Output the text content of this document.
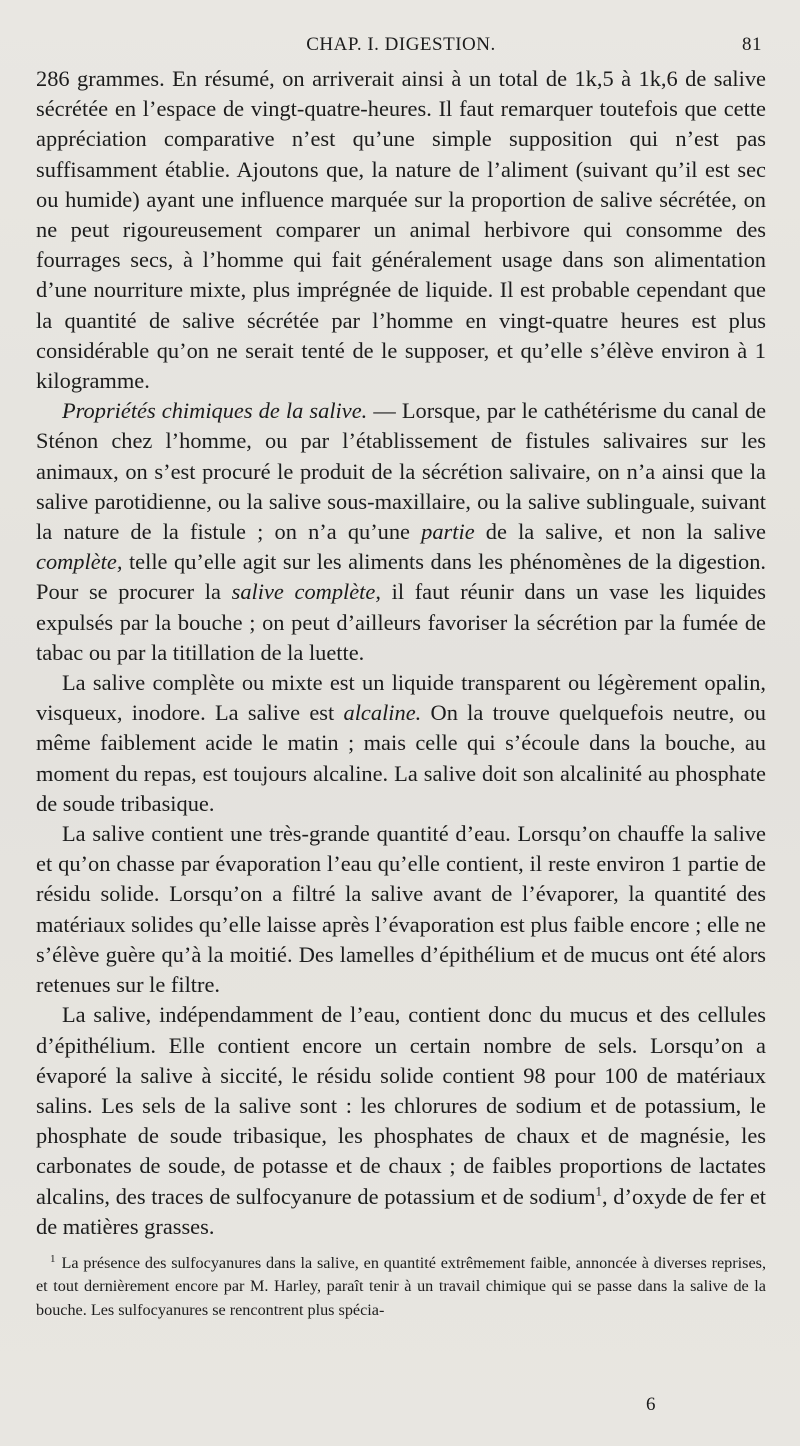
CHAP. I. DIGESTION.	81

286 grammes. En résumé, on arriverait ainsi à un total de 1k,5 à 1k,6 de salive sécrétée en l’espace de vingt-quatre-heures. Il faut remarquer toutefois que cette appréciation comparative n’est qu’une simple supposition qui n’est pas suffisamment établie. Ajoutons que, la nature de l’aliment (suivant qu’il est sec ou humide) ayant une influence marquée sur la proportion de salive sécrétée, on ne peut rigoureusement comparer un animal herbivore qui consomme des fourrages secs, à l’homme qui fait généralement usage dans son alimentation d’une nourriture mixte, plus imprégnée de liquide. Il est probable cependant que la quantité de salive sécrétée par l’homme en vingt-quatre heures est plus considérable qu’on ne serait tenté de le supposer, et qu’elle s’élève environ à 1 kilogramme.

Propriétés chimiques de la salive. — Lorsque, par le cathétérisme du canal de Sténon chez l’homme, ou par l’établissement de fistules salivaires sur les animaux, on s’est procuré le produit de la sécrétion salivaire, on n’a ainsi que la salive parotidienne, ou la salive sous-maxillaire, ou la salive sublinguale, suivant la nature de la fistule ; on n’a qu’une partie de la salive, et non la salive complète, telle qu’elle agit sur les aliments dans les phénomènes de la digestion. Pour se procurer la salive complète, il faut réunir dans un vase les liquides expulsés par la bouche ; on peut d’ailleurs favoriser la sécrétion par la fumée de tabac ou par la titillation de la luette.

La salive complète ou mixte est un liquide transparent ou légèrement opalin, visqueux, inodore. La salive est alcaline. On la trouve quelquefois neutre, ou même faiblement acide le matin ; mais celle qui s’écoule dans la bouche, au moment du repas, est toujours alcaline. La salive doit son alcalinité au phosphate de soude tribasique.

La salive contient une très-grande quantité d’eau. Lorsqu’on chauffe la salive et qu’on chasse par évaporation l’eau qu’elle contient, il reste environ 1 partie de résidu solide. Lorsqu’on a filtré la salive avant de l’évaporer, la quantité des matériaux solides qu’elle laisse après l’évaporation est plus faible encore ; elle ne s’élève guère qu’à la moitié. Des lamelles d’épithélium et de mucus ont été alors retenues sur le filtre.

La salive, indépendamment de l’eau, contient donc du mucus et des cellules d’épithélium. Elle contient encore un certain nombre de sels. Lorsqu’on a évaporé la salive à siccité, le résidu solide contient 98 pour 100 de matériaux salins. Les sels de la salive sont : les chlorures de sodium et de potassium, le phosphate de soude tribasique, les phosphates de chaux et de magnésie, les carbonates de soude, de potasse et de chaux ; de faibles proportions de lactates alcalins, des traces de sulfocyanure de potassium et de sodium$^1$, d’oxyde de fer et de matières grasses.

$^1$ La présence des sulfocyanures dans la salive, en quantité extrêmement faible, annoncée à diverses reprises, et tout dernièrement encore par M. Harley, paraît tenir à un travail chimique qui se passe dans la salive de la bouche. Les sulfocyanures se rencontrent plus spécia-
6
